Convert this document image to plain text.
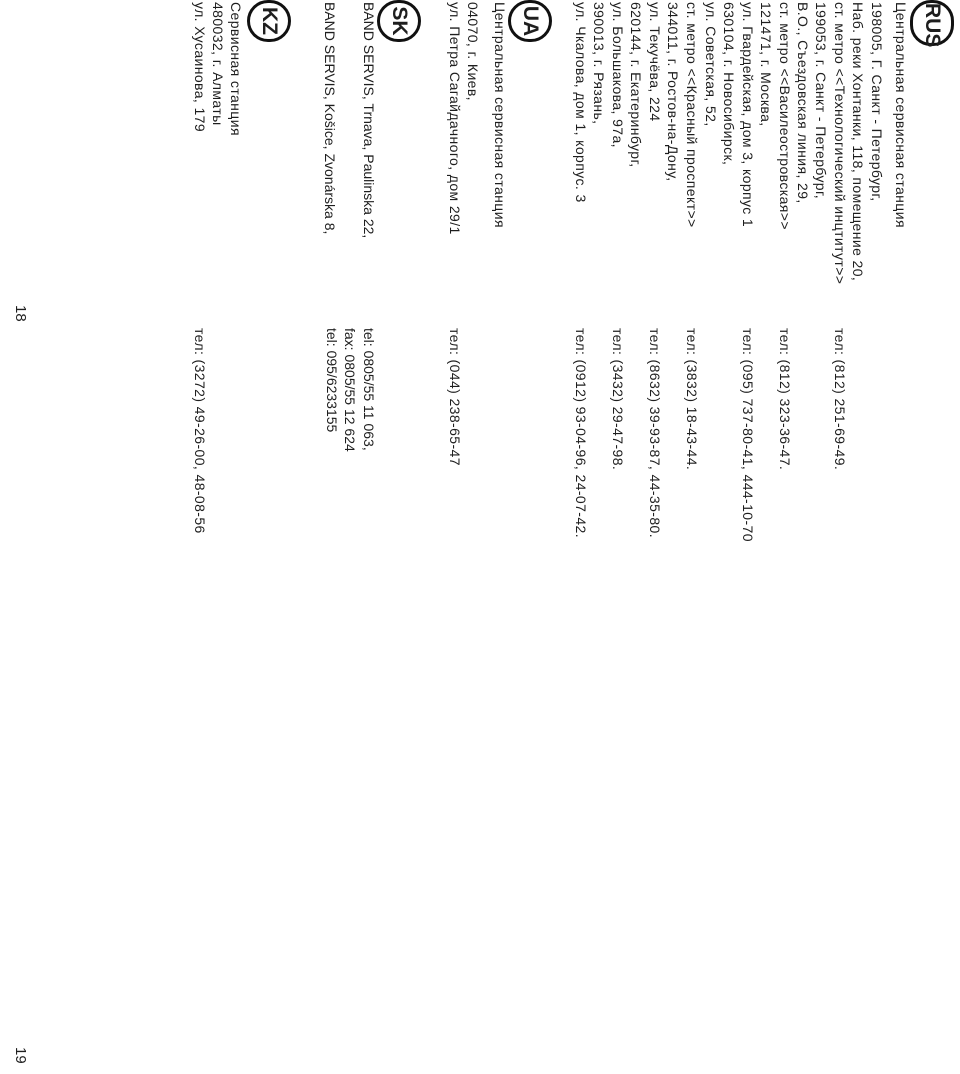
RUS
Центральная сервисная станция
198005, Г. Санкт - Петербург,
Наб. реки Хонтанки, 118, помещение 20,
ст. метро <<Технологический инцтитут>>
тел: (812) 251-69-49.
199053, г. Санкт - Петербург,
В.О., Съездовская линия, 29,
ст. метро <<Василеостровская>>
тел: (812) 323-36-47.
121471, г. Москва,
ул. Гвардейская, дом 3, корпус 1
тел: (095) 737-80-41, 444-10-70
630104, г. Новосибирск,
ул. Советская, 52,
ст. метро <<Красный проспект>>
тел: (3832) 18-43-44.
344011, г. Ростов-на-Дону,
ул. Текучёва, 224
тел: (8632) 39-93-87, 44-35-80.
620144, г. Екатеринбург,
ул. Большакова, 97а,
тел: (3432) 29-47-98.
390013, г. Рязань,
ул. Чкалова, дом 1, корпус. 3
тел: (0912) 93-04-96, 24-07-42.
UA
Центральная сервисная станция
04070, г. Киев,
ул. Петра Сагайдачного, дом 29/1
тел: (044) 238-65-47
SK
BAND SERVIS, Trnava, Paulinska 22,
BAND SERVIS, Košice, Zvonárska 8,
tel: 0805/55 11 063,
fax: 0805/55 12 624
tel: 095/6233155
KZ
Сервисная станция
480032, г. Алматы
ул. Хусаинова, 179
тел: (3272) 49-26-00, 48-08-56
18
19
